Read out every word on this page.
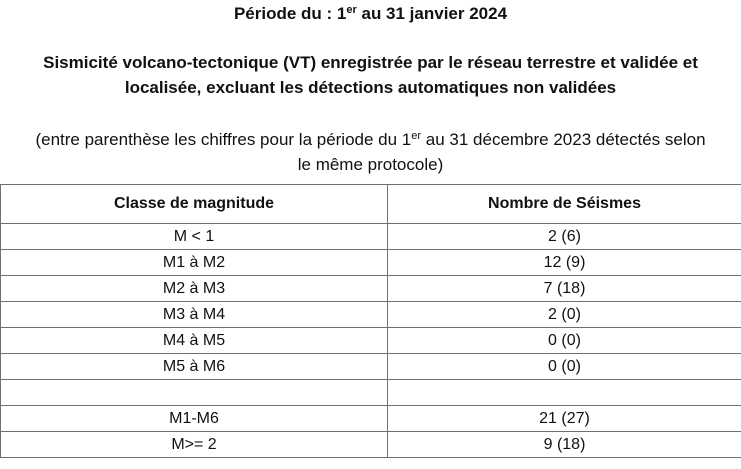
Période du : 1er au 31 janvier 2024
Sismicité volcano-tectonique (VT) enregistrée par le réseau terrestre et validée et
localisée, excluant les détections automatiques non validées
(entre parenthèse les chiffres pour la période du 1er au 31 décembre 2023 détectés selon
le même protocole)
Classe de magnitude	Nombre de Séismes
M < 1	2 (6)
M1 à M2	12 (9)
M2 à M3	7 (18)
M3 à M4	2 (0)
M4 à M5	0 (0)
M5 à M6	0 (0)

M1-M6	21 (27)
M>= 2	9 (18)
